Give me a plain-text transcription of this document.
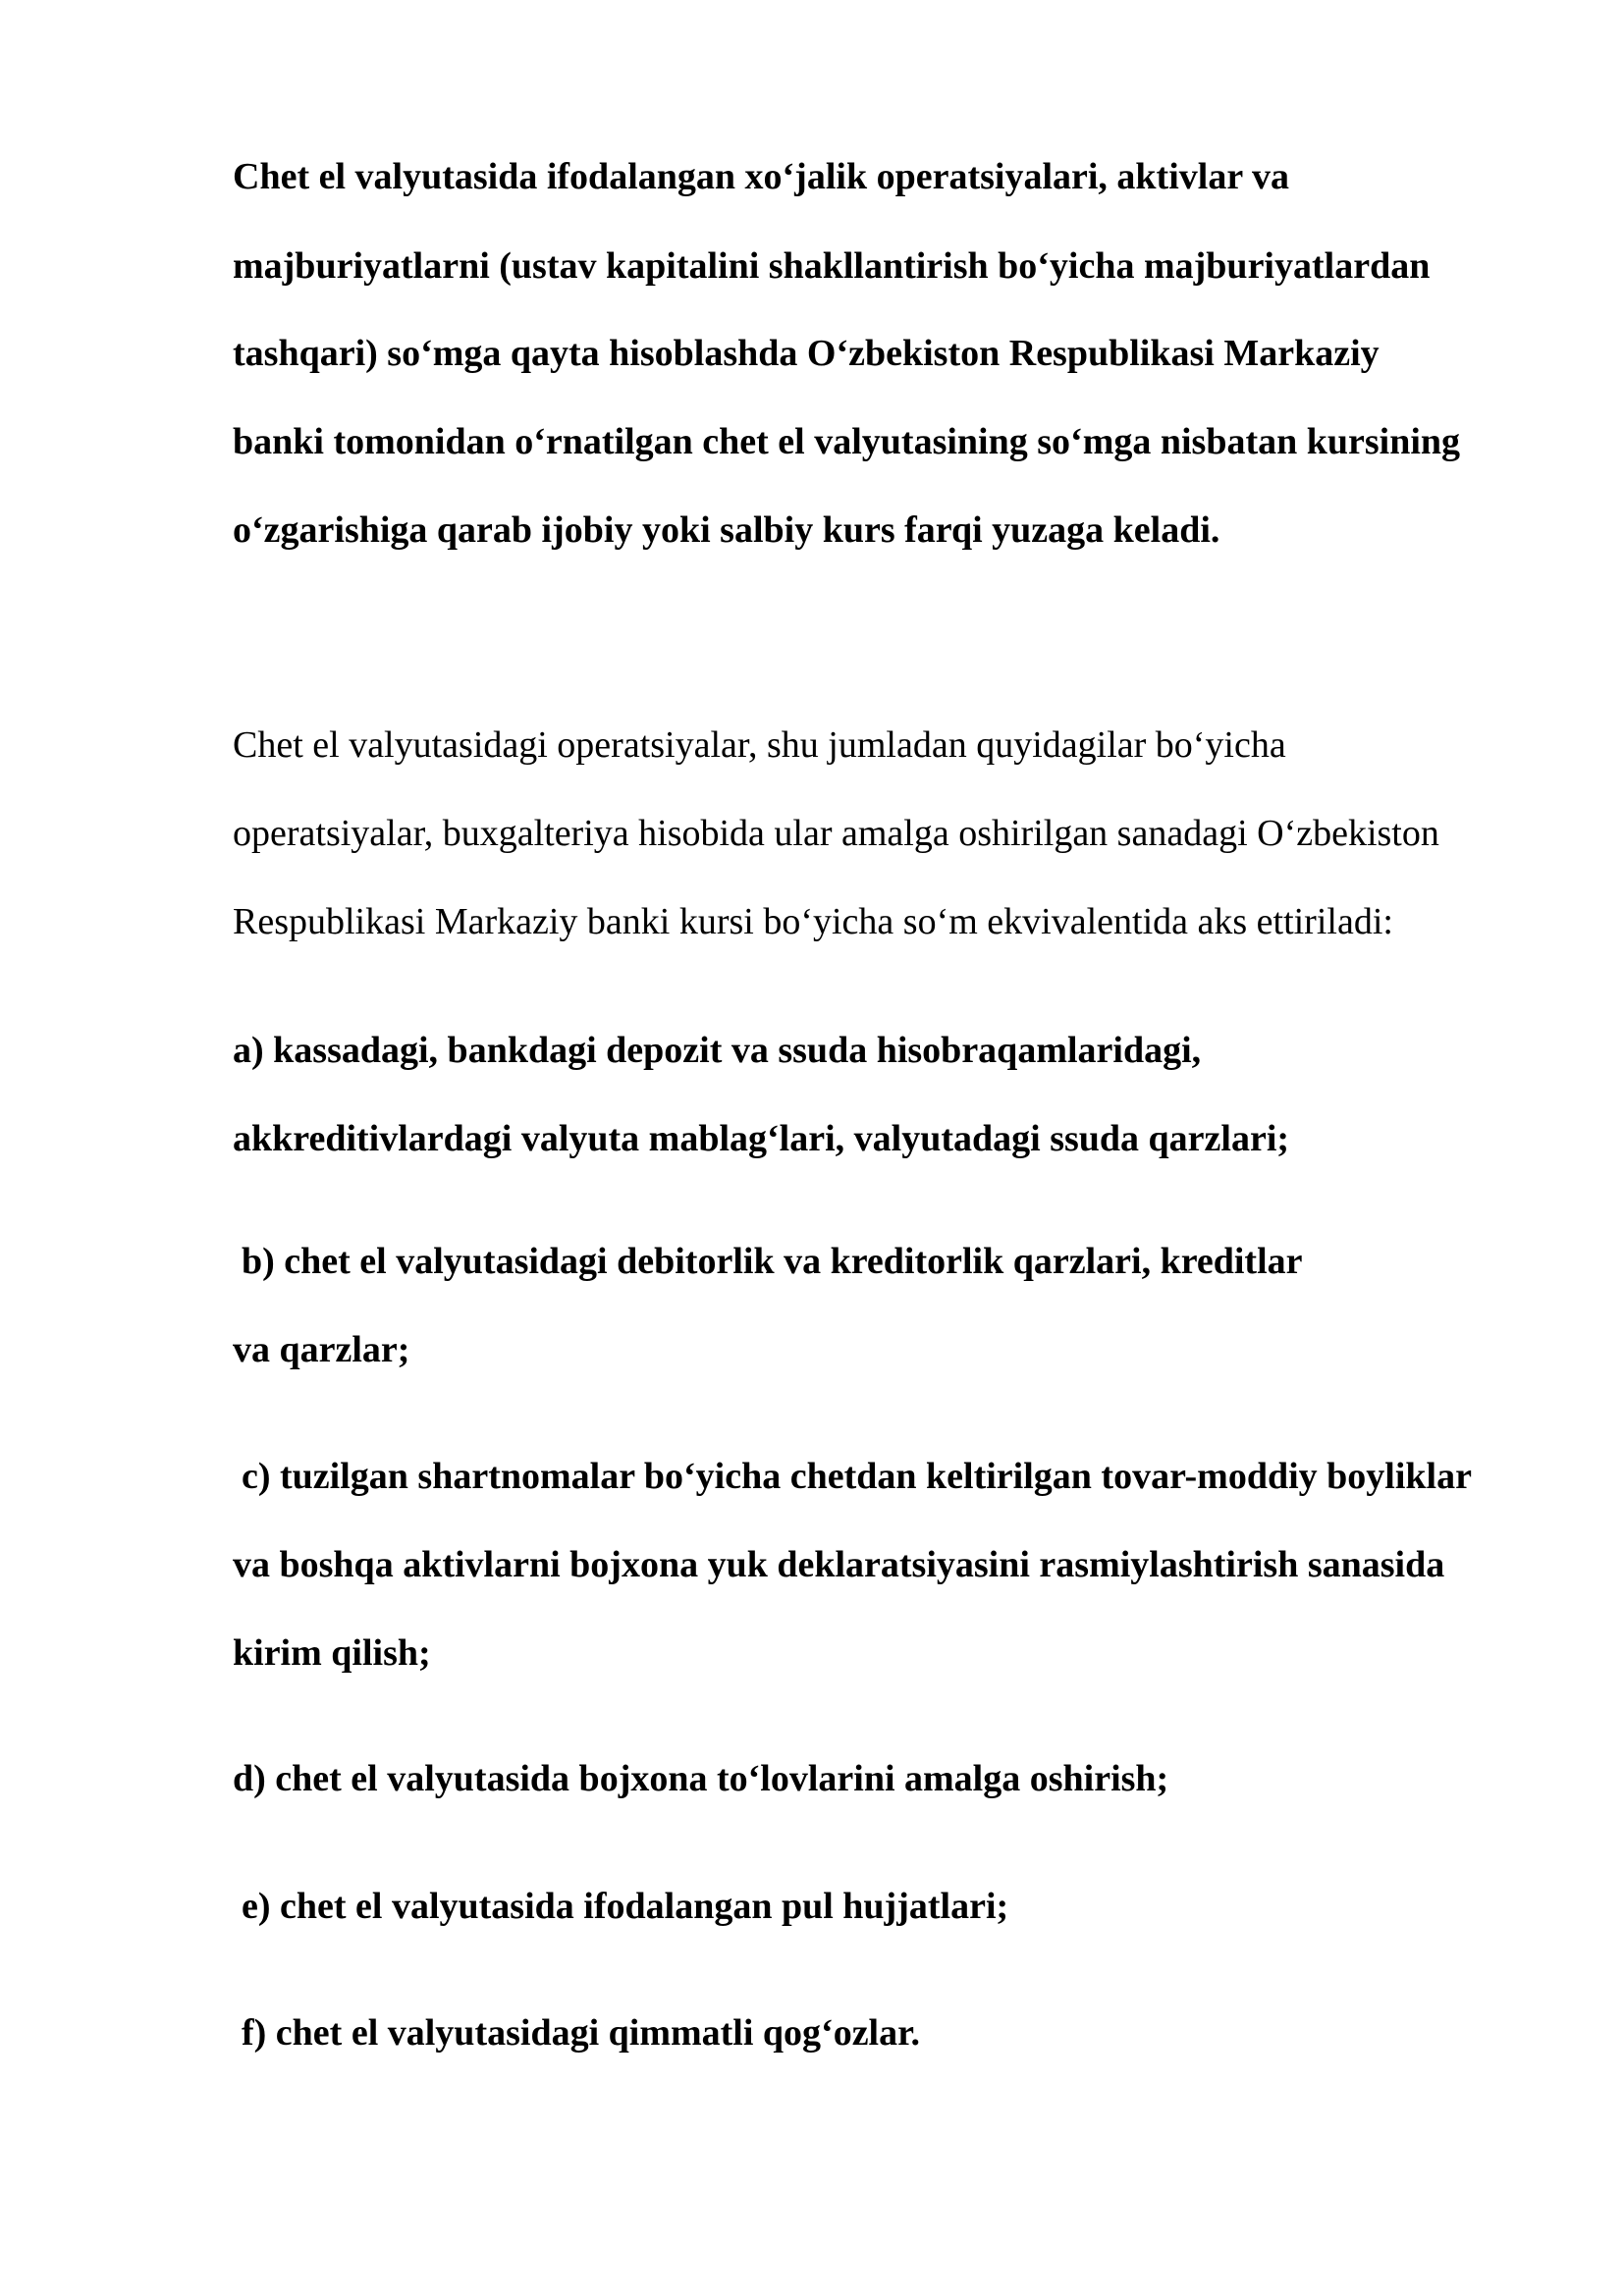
Chet el valyutasida ifodalangan xo‘jalik operatsiyalari, aktivlar va

majburiyatlarni (ustav kapitalini shakllantirish bo‘yicha majburiyatlardan

tashqari) so‘mga qayta hisoblashda O‘zbekiston Respublikasi Markaziy

banki tomonidan o‘rnatilgan chet el valyutasining so‘mga nisbatan kursining

o‘zgarishiga qarab ijobiy yoki salbiy kurs farqi yuzaga keladi.

Chet el valyutasidagi operatsiyalar, shu jumladan quyidagilar bo‘yicha

operatsiyalar, buxgalteriya hisobida ular amalga oshirilgan sanadagi O‘zbekiston

Respublikasi Markaziy banki kursi bo‘yicha so‘m ekvivalentida aks ettiriladi:

a) kassadagi, bankdagi depozit va ssuda hisobraqamlaridagi,

akkreditivlardagi valyuta mablag‘lari, valyutadagi ssuda qarzlari;

b) chet el valyutasidagi debitorlik va kreditorlik qarzlari, kreditlar

va qarzlar;

c) tuzilgan shartnomalar bo‘yicha chetdan keltirilgan tovar-moddiy boyliklar

va boshqa aktivlarni bojxona yuk deklaratsiyasini rasmiylashtirish sanasida

kirim qilish;

d) chet el valyutasida bojxona to‘lovlarini amalga oshirish;

e) chet el valyutasida ifodalangan pul hujjatlari;

f) chet el valyutasidagi qimmatli qog‘ozlar.
